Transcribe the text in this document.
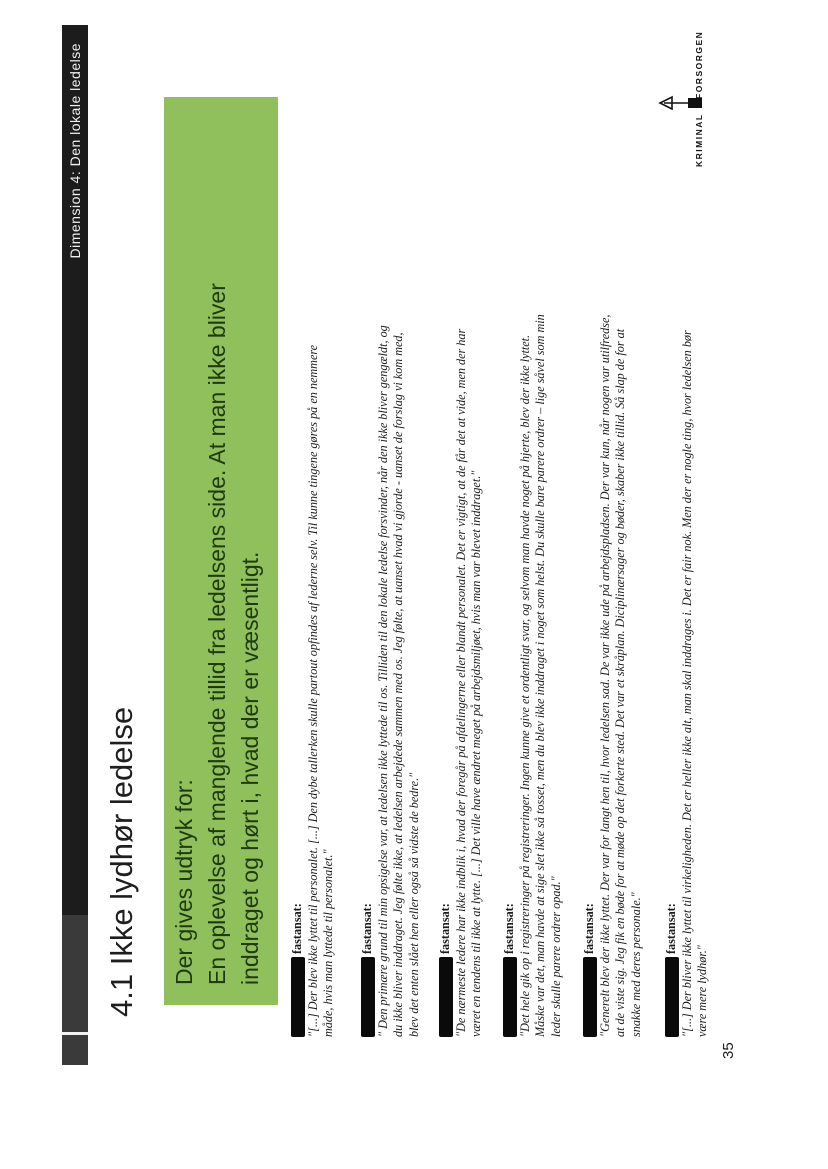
Dimension 4: Den lokale ledelse
4.1 Ikke lydhør ledelse Der gives udtryk for: En oplevelse af manglende tillid fra ledelsens side. At man ikke bliver inddraget og hørt i, hvad der er væsentligt. fastansat: "[...] Der blev ikke lyttet til personalet. [...] Den dybe tallerken skulle partout opfindes af lederne selv. Til kunne tingene gøres på en nemmere måde, hvis man lyttede til personalet." fastansat: " Den primære grund til min opsigelse var, at ledelsen ikke lyttede til os. Tilliden til den lokale ledelse forsvinder, når den ikke bliver gengældt, og du ikke bliver inddraget. Jeg følte ikke, at ledelsen arbejdede sammen med os. Jeg følte, at uanset hvad vi gjorde - uanset de forslag vi kom med, blev det enten slået hen eller også så vidste de bedre." fastansat: "De nærmeste ledere har ikke indblik i, hvad der foregår på afdelingerne eller blandt personalet. Det er vigtigt, at de får det at vide, men der har været en tendens til ikke at lytte. [...] Det ville have ændret meget på arbejdsmiljøet, hvis man var blevet inddraget." fastansat: "Det hele gik op i registreringer på registreringer. Ingen kunne give et ordentligt svar, og selvom man havde noget på hjerte, blev der ikke lyttet. Måske var det, man havde at sige slet ikke så tosset, men du blev ikke inddraget i noget som helst. Du skulle bare parere ordrer – lige såvel som min leder skulle parere ordrer opad." fastansat: "Generelt blev der ikke lyttet. Der var for langt hen til, hvor ledelsen sad. De var ikke ude på arbejdspladsen. Der var kun, når nogen var utilfredse, at de viste sig. Jeg fik en bøde for at møde op det forkerte sted. Det var et skråplan. Diciplinærsager og bøder, skaber ikke tillid. Så slap de for at snakke med deres personale." fastansat: "[...] Der bliver ikke lyttet til virkeligheden. Det er heller ikke alt, man skal inddrages i. Det er fair nok. Men der er nogle ting, hvor ledelsen bør være mere lydhør."
35
KRIMINAL
FORSORGEN
